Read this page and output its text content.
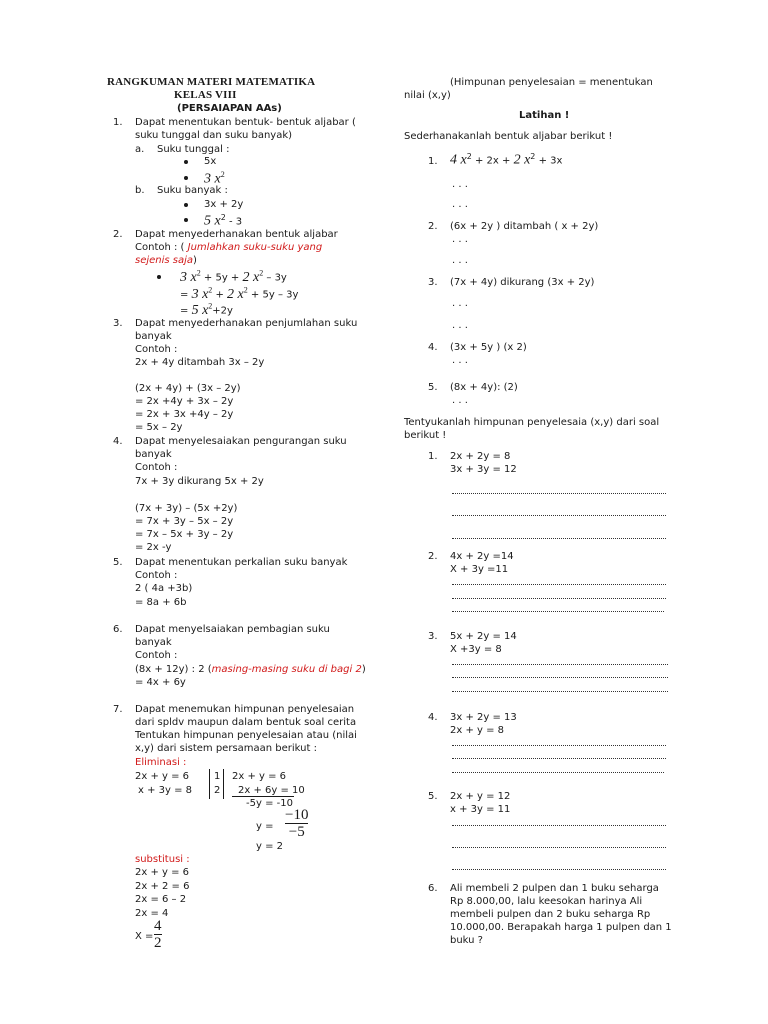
RANGKUMAN MATERI MATEMATIKA
KELAS VIII
(PERSAIAPAN AAs)
1. Dapat menentukan bentuk- bentuk aljabar (
suku tunggal dan suku banyak)
a. Suku tunggal :
5x
3 $x^2$
b. Suku banyak :
3x + 2y
5 $x^2 - 3$
2. Dapat menyederhanakan bentuk aljabar
Contoh : ( Jumlahkan suku-suku yang
sejenis saja)
3 $x^2 + 5y + 2$ $x^2 - 3y$
= 3 $x^2 + 2$ $x^2 + 5y - 3y$
= 5 $x^2+2y$
3. Dapat menyederhanakan penjumlahan suku
banyak
Contoh :
2x + 4y ditambah 3x – 2y
(2x + 4y) + (3x – 2y)
= 2x +4y + 3x – 2y
= 2x + 3x +4y – 2y
= 5x – 2y
4. Dapat menyelesaiakan pengurangan suku
banyak
Contoh :
7x + 3y dikurang 5x + 2y
(7x + 3y) – (5x +2y)
= 7x + 3y – 5x – 2y
= 7x – 5x + 3y – 2y
= 2x -y
5. Dapat menentukan perkalian suku banyak
Contoh :
2 ( 4a +3b)
= 8a + 6b
6. Dapat menyelsaiakan pembagian suku
banyak
Contoh :
(8x + 12y) : 2 (masing-masing suku di bagi 2)
= 4x + 6y
7. Dapat menemukan himpunan penyelesaian
dari spldv maupun dalam bentuk soal cerita
Tentukan himpunan penyelesaian atau (nilai
x,y) dari sistem persamaan berikut :
Eliminasi :
2x + y = 6
x + 3y = 8
1
2
2x + y = 6
2x + 6y = 10
-5y = -10
y =
−10
−5
y = 2
substitusi :
2x + y = 6
2x + 2 = 6
2x = 6 – 2
2x = 4
X =
4
2
(Himpunan penyelesaian = menentukan
nilai (x,y)
Latihan !
Sederhanakanlah bentuk aljabar berikut !
1. 4 $x^2 + 2x + 2$ $x^2 + 3x$
. . .
. . .
2. (6x + 2y ) ditambah ( x + 2y)
. . .
. . .
3. (7x + 4y) dikurang (3x + 2y)
. . .
. . .
4. (3x + 5y ) (x 2)
. . .
5. (8x + 4y): (2)
. . .
Tentyukanlah himpunan penyelesaia (x,y) dari soal
berikut !
1. 2x + 2y = 8
3x + 3y = 12
2. 4x + 2y =14
X + 3y =11
3. 5x + 2y = 14
X +3y = 8
4. 3x + 2y = 13
2x + y = 8
5. 2x + y = 12
x + 3y = 11
6. Ali membeli 2 pulpen dan 1 buku seharga
Rp 8.000,00, lalu keesokan harinya Ali
membeli pulpen dan 2 buku seharga Rp
10.000,00. Berapakah harga 1 pulpen dan 1
buku ?
